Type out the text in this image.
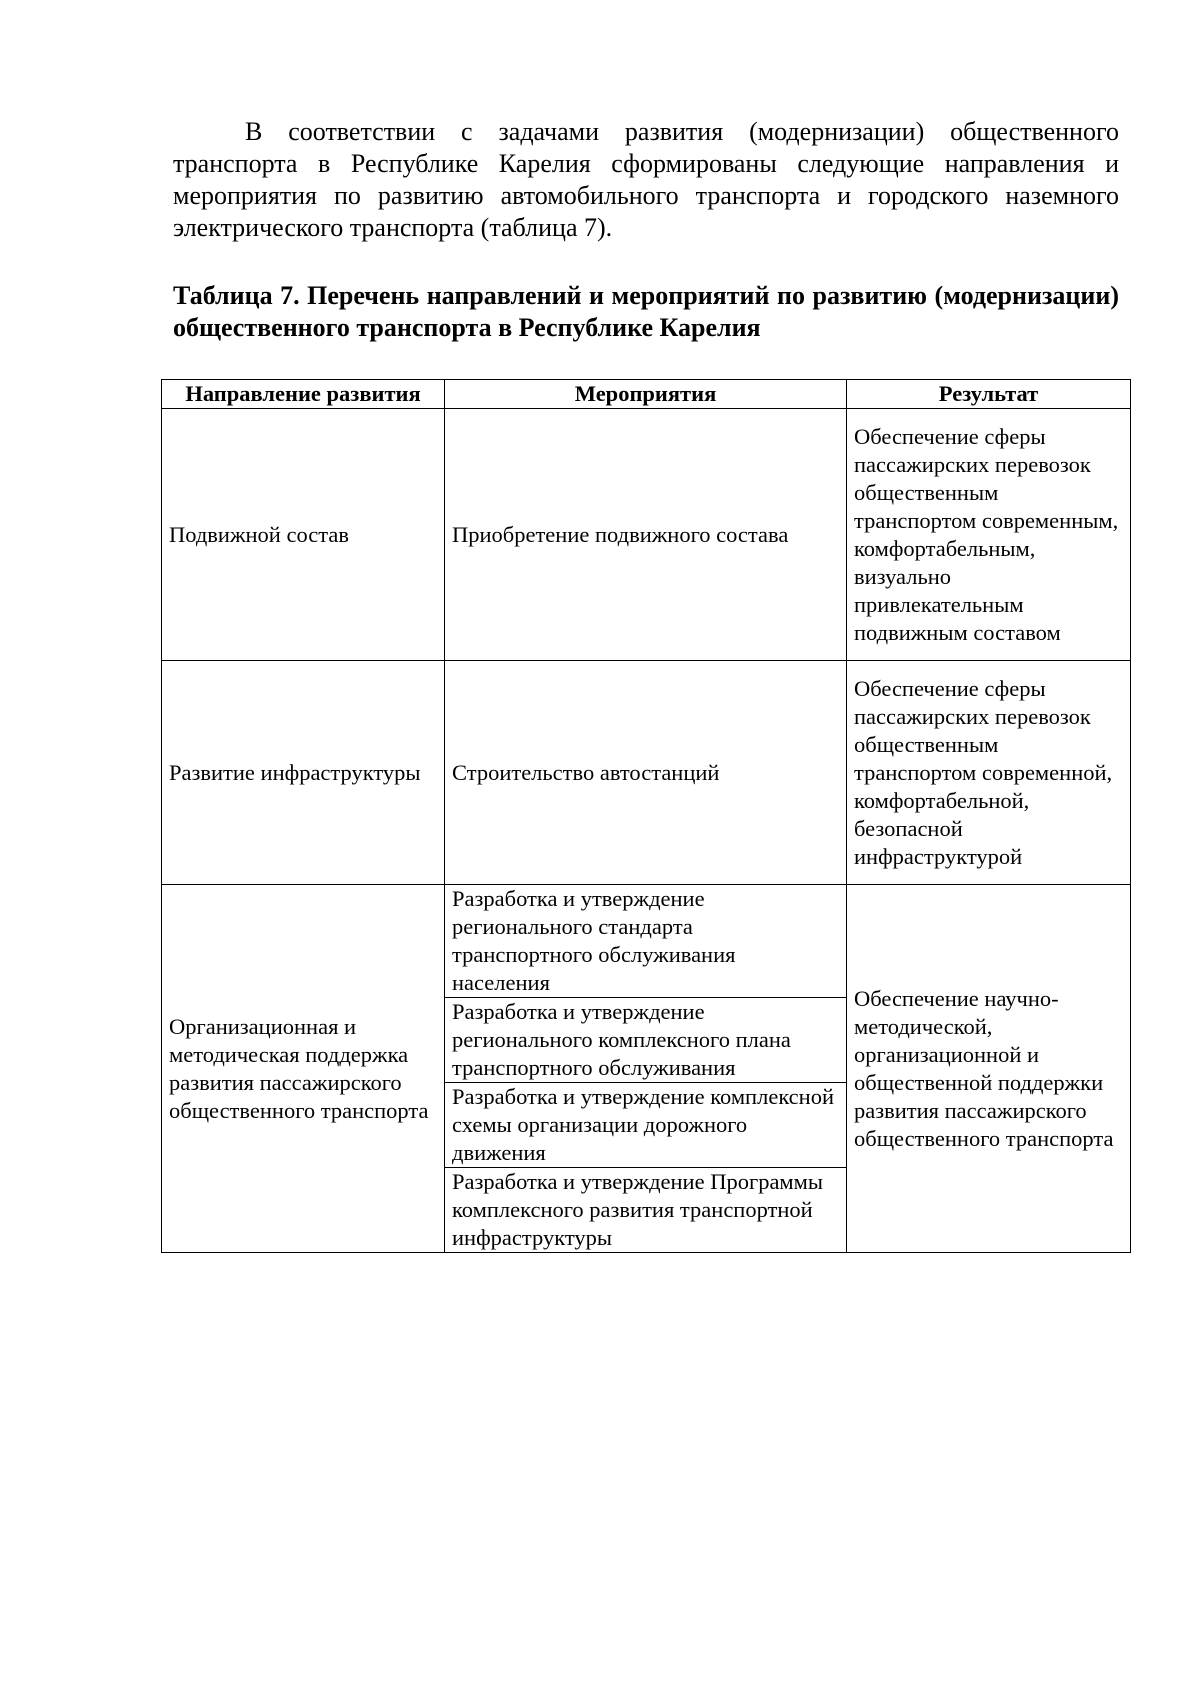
В соответствии с задачами развития (модернизации) общественного транспорта в Республике Карелия сформированы следующие направления и мероприятия по развитию автомобильного транспорта и городского наземного электрического транспорта (таблица 7).

Таблица 7. Перечень направлений и мероприятий по развитию (модернизации) общественного транспорта в Республике Карелия

Направление развития	Мероприятия	Результат
Подвижной состав	Приобретение подвижного состава	Обеспечение сферы пассажирских перевозок общественным транспортом современным, комфортабельным, визуально привлекательным подвижным составом
Развитие инфраструктуры	Строительство автостанций	Обеспечение сферы пассажирских перевозок общественным транспортом современной, комфортабельной, безопасной инфраструктурой
Организационная и методическая поддержка развития пассажирского общественного транспорта	Разработка и утверждение регионального стандарта транспортного обслуживания населения	Обеспечение научно-методической, организационной и общественной поддержки развития пассажирского общественного транспорта
	Разработка и утверждение регионального комплексного плана транспортного обслуживания	
	Разработка и утверждение комплексной схемы организации дорожного движения	
	Разработка и утверждение Программы комплексного развития транспортной инфраструктуры	
